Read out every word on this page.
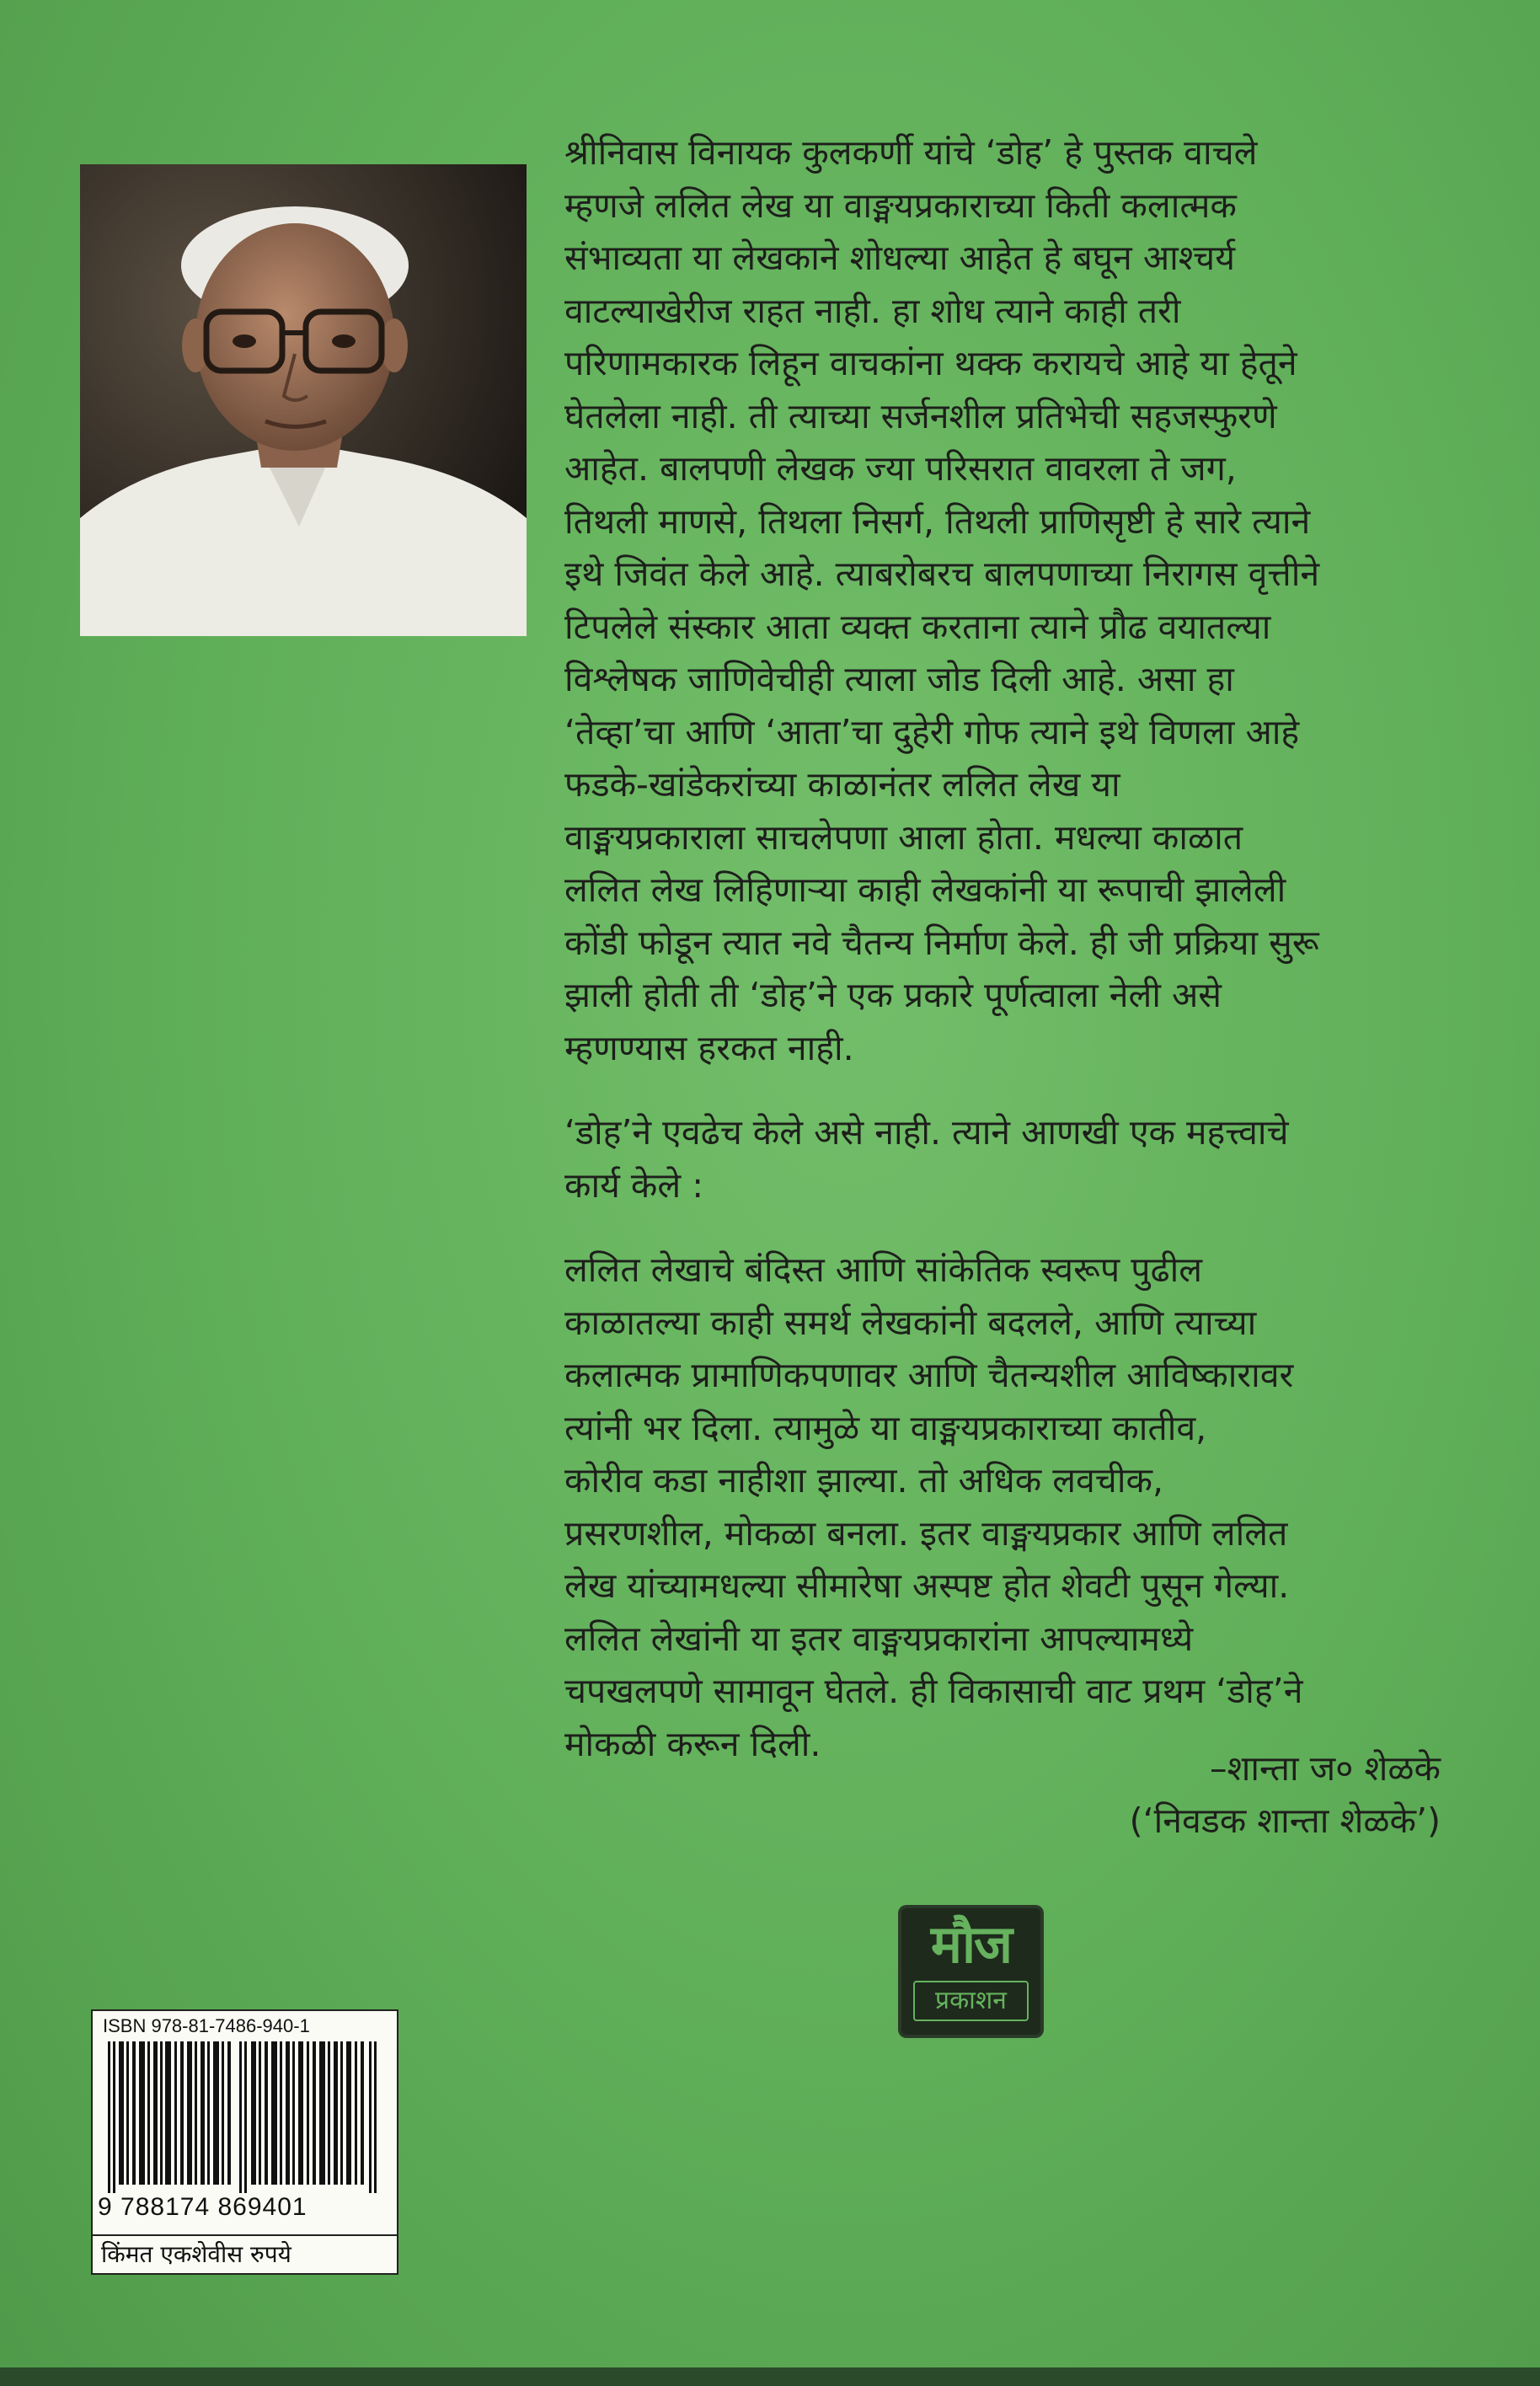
श्रीनिवास विनायक कुलकर्णी यांचे ‘डोह’ हे पुस्तक वाचले
म्हणजे ललित लेख या वाङ्मयप्रकाराच्या किती कलात्मक
संभाव्यता या लेखकाने शोधल्या आहेत हे बघून आश्चर्य
वाटल्याखेरीज राहत नाही. हा शोध त्याने काही तरी
परिणामकारक लिहून वाचकांना थक्क करायचे आहे या हेतूने
घेतलेला नाही. ती त्याच्या सर्जनशील प्रतिभेची सहजस्फुरणे
आहेत. बालपणी लेखक ज्या परिसरात वावरला ते जग,
तिथली माणसे, तिथला निसर्ग, तिथली प्राणिसृष्टी हे सारे त्याने
इथे जिवंत केले आहे. त्याबरोबरच बालपणाच्या निरागस वृत्तीने
टिपलेले संस्कार आता व्यक्त करताना त्याने प्रौढ वयातल्या
विश्लेषक जाणिवेचीही त्याला जोड दिली आहे. असा हा
‘तेव्हा’चा आणि ‘आता’चा दुहेरी गोफ त्याने इथे विणला आहे
फडके-खांडेकरांच्या काळानंतर ललित लेख या
वाङ्मयप्रकाराला साचलेपणा आला होता. मधल्या काळात
ललित लेख लिहिणाऱ्या काही लेखकांनी या रूपाची झालेली
कोंडी फोडून त्यात नवे चैतन्य निर्माण केले. ही जी प्रक्रिया सुरू
झाली होती ती ‘डोह’ने एक प्रकारे पूर्णत्वाला नेली असे
म्हणण्यास हरकत नाही.

‘डोह’ने एवढेच केले असे नाही. त्याने आणखी एक महत्त्वाचे
कार्य केले :

ललित लेखाचे बंदिस्त आणि सांकेतिक स्वरूप पुढील
काळातल्या काही समर्थ लेखकांनी बदलले, आणि त्याच्या
कलात्मक प्रामाणिकपणावर आणि चैतन्यशील आविष्कारावर
त्यांनी भर दिला. त्यामुळे या वाङ्मयप्रकाराच्या कातीव,
कोरीव कडा नाहीशा झाल्या. तो अधिक लवचीक,
प्रसरणशील, मोकळा बनला. इतर वाङ्मयप्रकार आणि ललित
लेख यांच्यामधल्या सीमारेषा अस्पष्ट होत शेवटी पुसून गेल्या.
ललित लेखांनी या इतर वाङ्मयप्रकारांना आपल्यामध्ये
चपखलपणे सामावून घेतले. ही विकासाची वाट प्रथम ‘डोह’ने
मोकळी करून दिली.

–शान्ता ज० शेळके
(‘निवडक शान्ता शेळके’)
मौज
प्रकाशन
ISBN 978-81-7486-940-1
9 788174 869401
किंमत एकशेवीस रुपये
